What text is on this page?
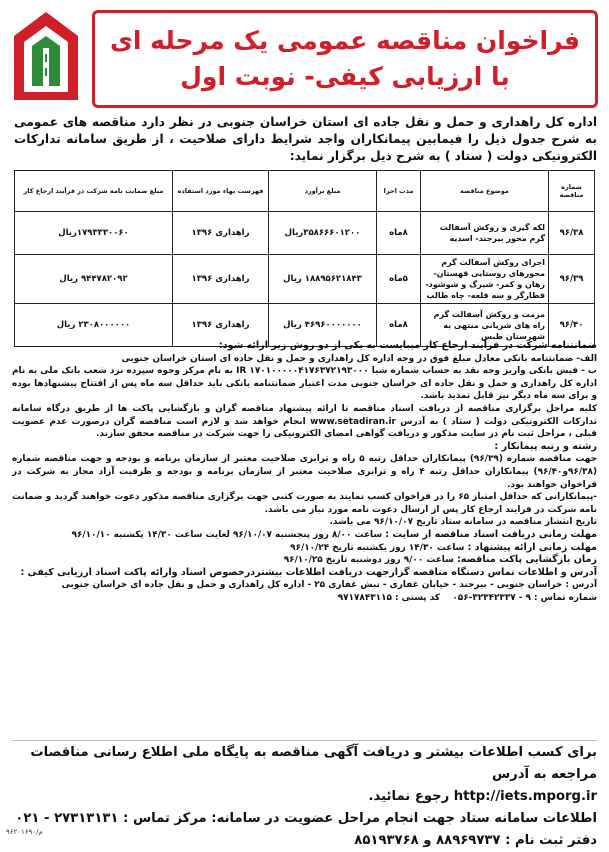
فراخوان مناقصه عمومی یک مرحله ای
با ارزیابی کیفی- نوبت اول
اداره کل راهداری و حمل و نقل جاده ای استان خراسان جنوبی در نظر دارد مناقصه های عمومی به شرح جدول ذیل را فیمابین پیمانکاران واجد شرایط دارای صلاحیت ، از طریق سامانه تدارکات الکترونیکی دولت ( ستاد ) به شرح ذیل برگزار نماید:
شماره مناقصه	موضوع مناقصه	مدت اجرا	مبلغ برآورد	فهرست بهاء مورد استفاده	مبلغ ضمانت نامه شرکت در فرآیند ارجاع کار
۹۶/۳۸	لکه گیری و روکش آسفالت گرم محور بیرجند- اسدیه	۸ماه	۳۵۸۶۶۶۰۱۲۰۰ریال	راهداری ۱۳۹۶	۱۷۹۳۳۳۰۰۶۰ریال
۹۶/۳۹	اجرای روکش آسفالت گرم محورهای روستایی قهستان- زهان و کمر- شیرگ و شوشود- قطارگر و سه قلعه- چاه طالب	۵ماه	۱۸۸۹۵۶۲۱۸۴۳ ریال	راهداری ۱۳۹۶	۹۴۴۷۸۲۰۹۲ ریال
۹۶/۴۰	مرمت و روکش آسفالت گرم راه های شریانی منتهی به شهرستان طبس	۸ماه	۴۶۹۶۰۰۰۰۰۰۰ ریال	راهداری ۱۳۹۶	۲۳۰۸۰۰۰۰۰۰ ریال

ضمانتنامه شرکت در فرآیند ارجاع کار میبایست به یکی از دو روش زیر ارائه شود:

الف- ضمانتنامه بانکی معادل مبلغ فوق در وجه اداره کل راهداری و حمل و نقل جاده ای استان خراسان جنوبی

ب - فیش بانکی واریز وجه نقد به حساب شماره شبا IR ۱۷۰۱۰۰۰۰۰۴۱۷۶۳۷۲۱۹۳۰۰۰ به نام مرکز وجوه سپرده نزد شعب بانک ملی به نام اداره کل راهداری و حمل و نقل جاده ای خراسان جنوبی مدت اعتبار ضمانتنامه بانکی باید حداقل سه ماه پس از افتتاح پیشنهادها بوده و برای سه ماه دیگر نیز قابل تمدید باشد.

کلیه مراحل برگزاری مناقصه از دریافت اسناد مناقصه تا ارائه پیشنهاد مناقصه گران و بازگشایی پاکت ها از طریق درگاه سامانه تدارکات الکترونیکی دولت ( ستاد ) به آدرس www.setadiran.ir انجام خواهد شد و لازم است مناقصه گران درصورت عدم عضویت قبلی ، مراحل ثبت نام در سایت مذکور و دریافت گواهی امضای الکترونیکی را جهت شرکت در مناقصه محقق سازند.

رشته و رتبه پیمانکار :

جهت مناقصه شماره (۹۶/۳۹) پیمانکاران حداقل رتبه ۵ راه و ترابری صلاحیت معتبر از سازمان برنامه و بودجه و جهت مناقصه شماره (۹۶/۳۸و۹۶/۴۰) پیمانکاران حداقل رتبه ۴ راه و ترابری صلاحیت معتبر از سازمان برنامه و بودجه و ظرفیت آزاد مجاز به شرکت در فراخوان خواهند بود.

-پیمانکارانی که حداقل امتیاز ۶۵ را در فراخوان کسب نمایند به صورت کتبی جهت برگزاری مناقصه مذکور دعوت خواهند گردید و ضمانت نامه شرکت در فرایند ارجاع کار پس از ارسال دعوت نامه مورد نیاز می باشد.

تاریخ انتشار مناقصه در سامانه ستاد تاریخ ۹۶/۱۰/۰۷ می باشد.

مهلت زمانی دریافت اسناد مناقصه از سایت : ساعت ۸/۰۰ روز پنجشنبه ۹۶/۱۰/۰۷ لغایت ساعت ۱۴/۳۰ یکشنبه ۹۶/۱۰/۱۰

مهلت زمانی ارائه پیشنهاد : ساعت ۱۴/۳۰ روز یکشنبه تاریخ ۹۶/۱۰/۲۴

زمان بازگشایی پاکت مناقصه: ساعت ۹/۰۰ روز دوشنبه تاریخ ۹۶/۱۰/۲۵

آدرس و اطلاعات تماس دستگاه مناقصه گزارجهت دریافت اطلاعات بیشتردرخصوص اسناد وارائه پاکت اسناد ارزیابی کیفی :

آدرس : خراسان جنوبی - بیرجند - خیابان غفاری - نبش غفاری ۲۵ - اداره کل راهداری و حمل و نقل جاده ای خراسان جنوبی

شماره تماس : ۹ - ۳۲۳۴۲۳۳۷-۰۵۶    کد پستی : ۹۷۱۷۸۴۳۱۱۵

برای کسب اطلاعات بیشتر و دریافت آگهی مناقصه به پایگاه ملی اطلاع رسانی مناقصات مراجعه به آدرس

http://iets.mporg.ir رجوع نمائید.

اطلاعات سامانه ستاد جهت انجام مراحل عضویت در سامانه: مرکز تماس : ۲۷۳۱۳۱۳۱ - ۰۲۱

دفتر ثبت نام : ۸۸۹۶۹۷۳۷ و ۸۵۱۹۳۷۶۸

م/۹۶۲۰۱۶۹۰
